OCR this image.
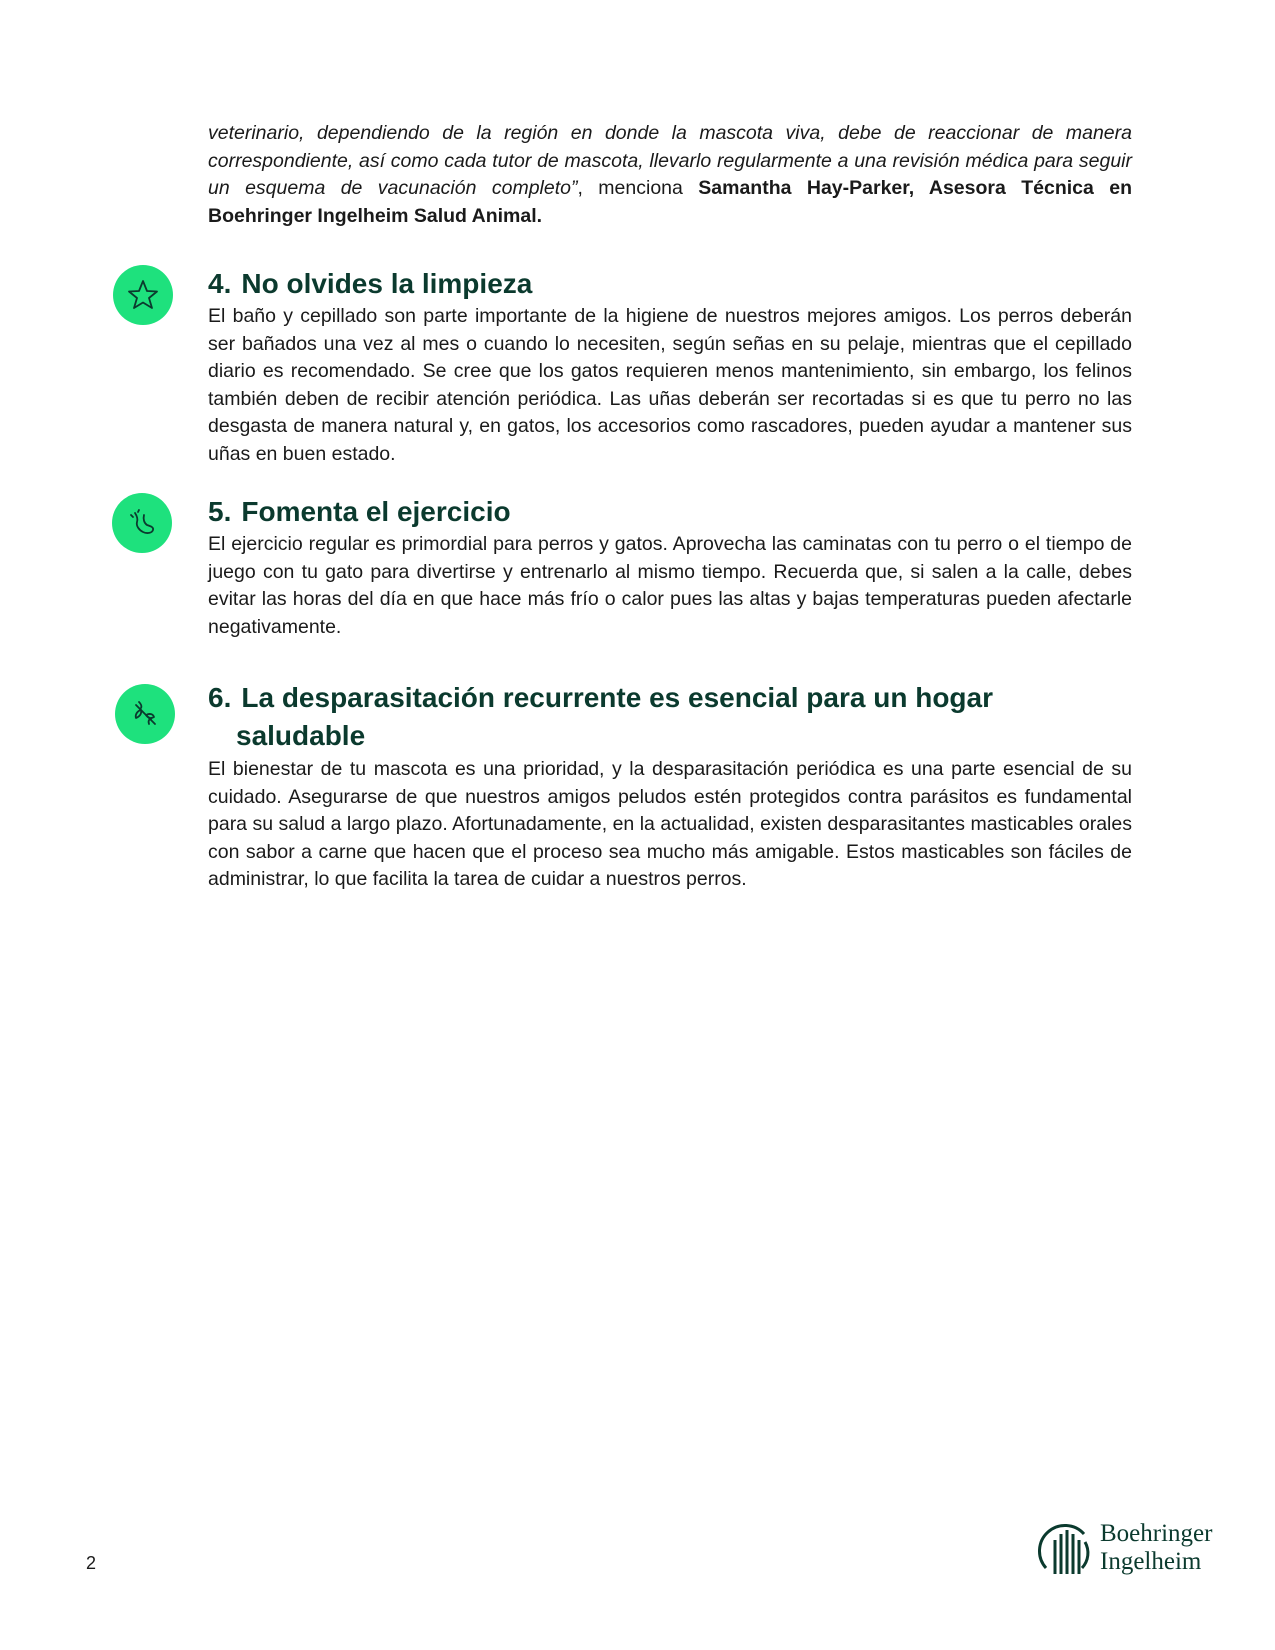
veterinario, dependiendo de la región en donde la mascota viva, debe de reaccionar de manera correspondiente, así como cada tutor de mascota, llevarlo regularmente a una revisión médica para seguir un esquema de vacunación completo”, menciona Samantha Hay-Parker, Asesora Técnica en Boehringer Ingelheim Salud Animal.

4. No olvides la limpieza

El baño y cepillado son parte importante de la higiene de nuestros mejores amigos. Los perros deberán ser bañados una vez al mes o cuando lo necesiten, según señas en su pelaje, mientras que el cepillado diario es recomendado. Se cree que los gatos requieren menos mantenimiento, sin embargo, los felinos también deben de recibir atención periódica. Las uñas deberán ser recortadas si es que tu perro no las desgasta de manera natural y, en gatos, los accesorios como rascadores, pueden ayudar a mantener sus uñas en buen estado.

5. Fomenta el ejercicio

El ejercicio regular es primordial para perros y gatos. Aprovecha las caminatas con tu perro o el tiempo de juego con tu gato para divertirse y entrenarlo al mismo tiempo. Recuerda que, si salen a la calle, debes evitar las horas del día en que hace más frío o calor pues las altas y bajas temperaturas pueden afectarle negativamente.

6. La desparasitación recurrente es esencial para un hogar
saludable

El bienestar de tu mascota es una prioridad, y la desparasitación periódica es una parte esencial de su cuidado. Asegurarse de que nuestros amigos peludos estén protegidos contra parásitos es fundamental para su salud a largo plazo. Afortunadamente, en la actualidad, existen desparasitantes masticables orales con sabor a carne que hacen que el proceso sea mucho más amigable. Estos masticables son fáciles de administrar, lo que facilita la tarea de cuidar a nuestros perros.

2
Boehringer
Ingelheim
